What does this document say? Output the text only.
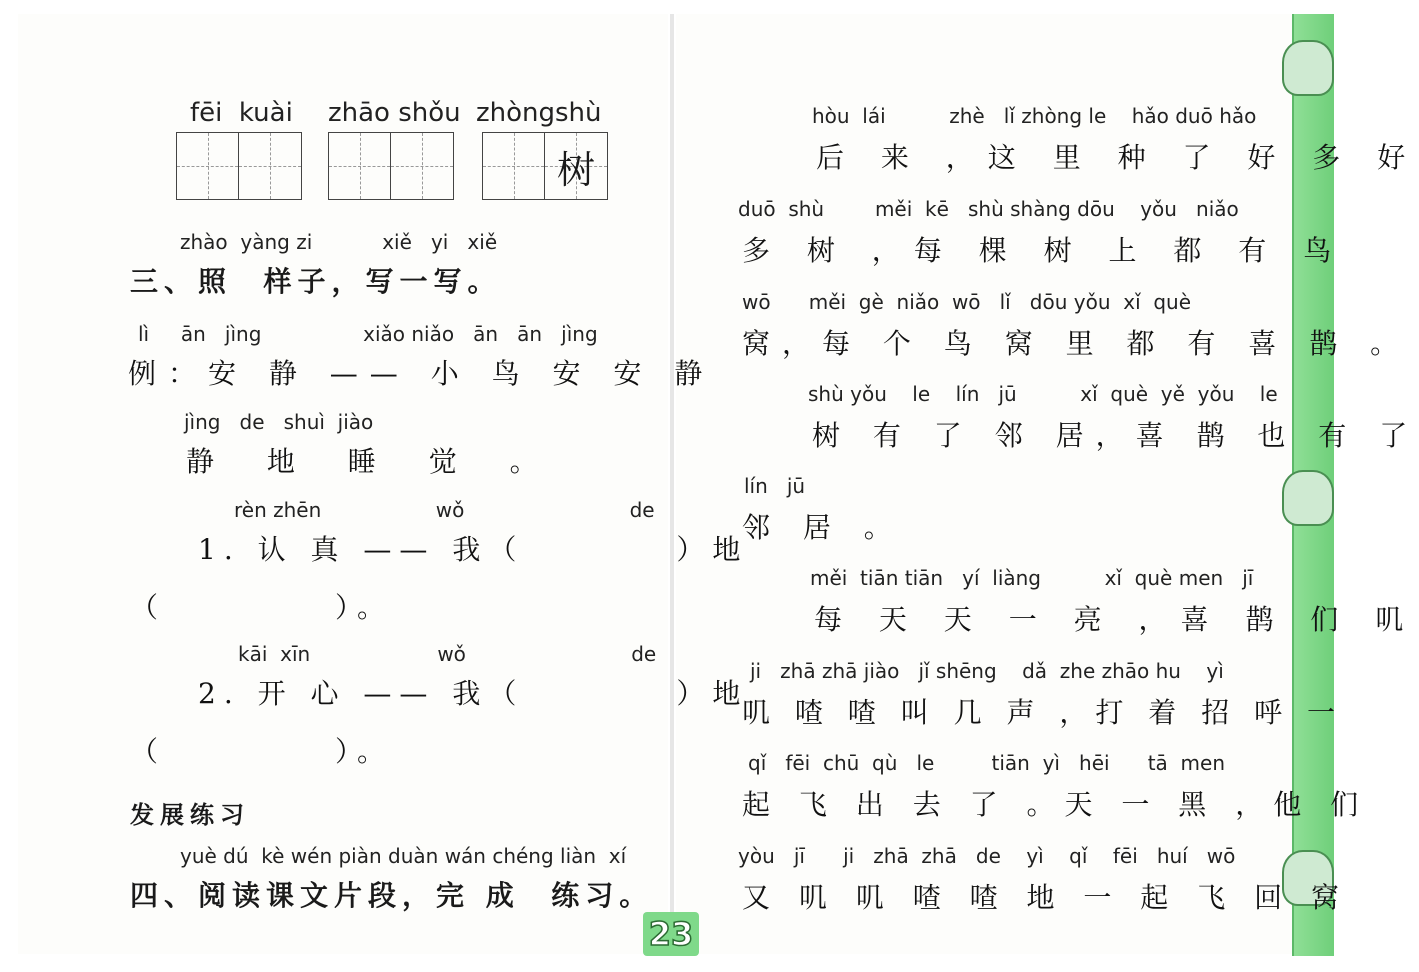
fēi  kuài zhāo shǒu zhòngshù
树
zhào  yàng zi           xiě   yi   xiě
三、照  样子，写一写。
lì     ān   jìng                xiǎo niǎo   ān   ān   jìng
例：安 静 —— 小 鸟 安 安 静
jìng   de   shuì  jiào
静 地 睡 觉 。
rèn zhēn                  wǒ                          de
1. 认 真 —— 我（         ）地
（          ）。
kāi  xīn                    wǒ                          de
2. 开 心 —— 我（         ）地
（          ）。
发展练习
yuè dú  kè wén piàn duàn wán chéng liàn  xí
四、阅读课文片段，完 成  练习。
hòu  lái          zhè   lǐ zhòng le    hǎo duō hǎo
后 来 ，这 里 种 了 好 多 好
duō  shù        měi  kē   shù shàng dōu    yǒu   niǎo
多 树 ，每 棵 树 上 都 有 鸟
wō      měi  gè  niǎo  wō   lǐ   dōu yǒu  xǐ  què
窝，每 个 鸟 窝 里 都 有 喜 鹊 。
shù yǒu    le    lín   jū          xǐ  què  yě  yǒu    le
树 有 了 邻 居，喜 鹊 也 有 了
lín   jū
邻 居 。
měi  tiān tiān   yí  liàng          xǐ  què men   jī
每 天 天 一 亮 ，喜 鹊 们 叽
ji   zhā zhā jiào   jǐ shēng    dǎ  zhe zhāo hu    yì
叽 喳 喳 叫 几 声 ，打 着 招 呼 一
qǐ   fēi  chū  qù   le         tiān  yì   hēi      tā  men
起 飞 出 去 了 。天 一 黑 ，他 们
yòu   jī      ji   zhā  zhā   de    yì    qǐ    fēi   huí   wō
又 叽 叽 喳 喳 地 一 起 飞 回 窝
23
